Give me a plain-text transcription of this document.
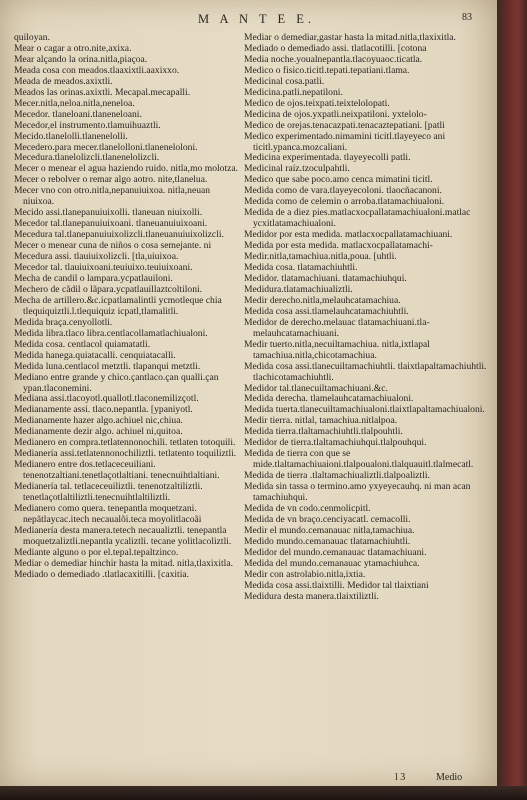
M A N T E E.	83
quiloyan.
Mear o cagar a otro.nite,axixa.
Mear alçando la orina.nitla,piaçoa.
Meada cosa con meados.tlaaxixtli.aaxixxo.
Meada de meados.axixtli.
Meados las orinas.axixtli. Mecapal.mecapalli.
Mecer.nitla,neloa.nitla,neneloa.
Mecedor. tlaneloani.tlaneneloani.
Mecedor,el instrumento.tlamuihuaztli.
Mecido.tlanelolli.tlanenelolli.
Mecedero.para mecer.tlanelolloni.tlaneneloloni.
Mecedura.tlanelolizcli.tlanenelolizcli.
Mecer o menear el agua haziendo ruido. nitla,mo molotza.
Mecer o rebolver o remar algo aotro. nite,tlanelua.
Mecer vno con otro.nitla,nepanuiuixoa. nitla,neuan niuixoa.
Mecido assi.tlanepanuiuixolli. tlaneuan niuixolli.
Mecedor tal.tlanepanuiuixoani. tlaneuanuiuixoani.
Mecedura tal.tlanepanuiuixolizcli.tlaneuanuiuixolizcli.
Mecer o menear cuna de niños o cosa semejante. ni
Mecedura assi. tlauiuixolizcli. [tla,uiuixoa.
Mecedor tal. tlauiuixoani.teuiuixo.teuiuixoani.
Mecha de candil o lampara.ycpatlauiloni.
Mechero de cãdil o lãpara.ycpatlauillaztcoltiloni.
Mecha de artillero.&c.icpatlamalintli ycmotleque chia tlequiquiztli.l.tlequiquiz icpatl,tlamalitli.
Medida braça.cenyollotli.
Medida libra.tlaco libra.centlacollamatlachiualoni.
Medida cosa. centlacol quiamatatli.
Medida hanega.quiatacalli. cenquiatacalli.
Medida luna.centlacol metztli. tlapanqui metztli.
Mediano entre grande y chico.çantlaco.çan qualli.çan ypan.tlaconemini.
Mediana assi.tlacoyotl.quallotl.tlaconemilizçotl.
Medianamente assi. tlaco.nepantla. [ypaniyotl.
Medianamente hazer algo.achiuel nic,chiua.
Medianamente dezir algo. achiuel ni,quitoa.
Medianero en compra.tetlatennonochili. tetlaten totoquili.
Medianería assi.tetlatennonochiliztli. tetlatento toquiliztli.
Medianero entre dos.tetlaceceuiliani. tenenotzaltiani.tenetlaçotlaltiani. tenecnuihtlaltiani.
Medianería tal. tetlaceceuiliztli. tenenotzaltiliztli. tenetlaçotlaltiliztli.tenecnuihtlaltiliztli.
Medianero como quera. tenepantla moquetzani. nepãtlaycac.itech necaualõi.teca moyolitlacoãi
Medianería desta manera.tetech necaualiztli. tenepantla moquetzaliztli.nepantla ycaliztli. tecane yolitlacoliztli.
Mediante alguno o por el.tepal.tepaltzinco.
Mediar o demediar hinchir hasta la mitad. nitla,tlaxixitla.
Mediado o demediado .tlatlacaxitilli. [caxitia.
Mediar o demediar,gastar hasta la mitad.nitla,tlaxixitla.
Mediado o demediado assi. tlatlacotilli. [cotona
Media noche.youalnepantla.tlacoyuaoc.ticatla.
Medico o fisico.ticitl.tepati.tepatiani.tlama.
Medicinal cosa.patli.
Medicina.patli.nepatiloni.
Medico de ojos.teixpati.teixtelolopati.
Medicina de ojos.yxpatli.neixpatiloni. yxtelolo-
Medico de orejas.tenacazpati.tenacaztepatiani. [patli
Medico experimentado.nimamini ticitl.tlayeyeco ani ticitl.ypanca.mozcaliani.
Medicina experimentada. tlayeyecolli patli.
Medicinal raíz.tzoculpahtli.
Medico que sabe poco.amo cenca mimatini ticitl.
Medida como de vara.tlayeyecoloni. tlaocñacanoni.
Medida como de celemin o arroba.tlatamachiualoni.
Medida de a diez pies.matlacxocpallatamachiualoni.matlac ycxitlatamachiualoni.
Medidor por esta medida. matlacxocpallatamachiuani.
Medida por esta medida. matlacxocpallatamachi-
Medir.nitla,tamachiua.nitla,poua. [uhtli.
Medida cosa. tlatamachiuhtli.
Medidor. tlatamachiuani. tlatamachiuhqui.
Medidura.tlatamachiualiztli.
Medir derecho.nitla,melauhcatamachiua.
Medida cosa assi.tlamelauhcatamachiuhtli.
Medidor de derecho.melauac tlatamachiuani.tla-melauhcatamachiuani.
Medir tuerto.nitla,necuiltamachiua. nitla,ixtlapal tamachiua.nitla,chicotamachiua.
Medida cosa assi.tlanecuiltamachiuhtli. tlaixtlapaltamachiuhtli. tlachicotamachiuhtli.
Medidor tal.tlanecuiltamachiuani.&c.
Medida derecha. tlamelauhcatamachiualoni.
Medida tuerta.tlanecuiltamachiualoni.tlaixtlapaltamachiualoni.
Medir tierra. nitlal, tamachiua.nitlalpoa.
Medida tierra.tlaltamachiuhtli.tlalpouhtli.
Medidor de tierra.tlaltamachiuhqui.tlalpouhqui.
Medida de tierra con que se mide.tlaltamachiuaioni.tlalpoualoni.tlalquauitl.tlalmecatl.
Medida de tierra .tlaltamachiualiztli.tlalpoaliztli.
Medida sin tassa o termino.amo yxyeyecauhq. ni man acan tamachiuhqui.
Medida de vn codo.cenmolicpitl.
Medida de vn braço.cenciyacatl. cemacolli.
Medir el mundo.cemanauac nitla,tamachiua.
Medido mundo.cemanauac tlatamachiuhtli.
Medidor del mundo.cemanauac tlatamachiuani.
Medida del mundo.cemanauac ytamachiuhca.
Medir con astrolabio.nitla,ixtia.
Medida cosa assi.tlaixtilli. Medidor tal tlaixtiani
Medidura desta manera.tlaixtiliztli.
l 3	Medio
